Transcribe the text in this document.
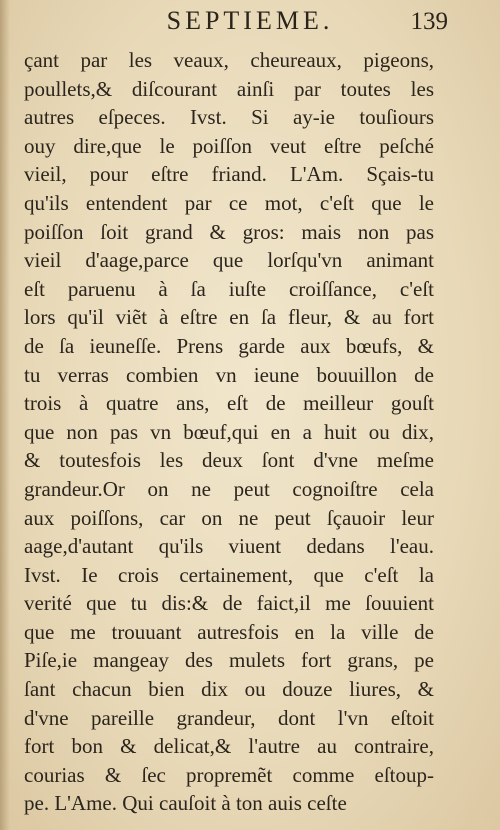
SEPTIEME.	139
çant par les veaux, cheureaux, pigeons,
poullets,& diſcourant ainſi par toutes les
autres eſpeces. Ivst. Si ay-ie touſiours
ouy dire,que le poiſſon veut eſtre peſché
vieil, pour eſtre friand. L'Am. Sçais-tu
qu'ils entendent par ce mot, c'eſt que le
poiſſon ſoit grand & gros: mais non pas
vieil d'aage,parce que lorſqu'vn animant
eſt paruenu à ſa iuſte croiſſance, c'eſt
lors qu'il viẽt à eſtre en ſa fleur, & au fort
de ſa ieuneſſe. Prens garde aux bœufs, &
tu verras combien vn ieune bouuillon de
trois à quatre ans, eſt de meilleur gouſt
que non pas vn bœuf,qui en a huit ou dix,
& toutesfois les deux ſont d'vne meſme
grandeur.Or on ne peut cognoiſtre cela
aux poiſſons, car on ne peut ſçauoir leur
aage,d'autant qu'ils viuent dedans l'eau.
Ivst. Ie crois certainement, que c'eſt la
verité que tu dis:& de faict,il me ſouuient
que me trouuant autresfois en la ville de
Piſe,ie mangeay des mulets fort grans, pe
ſant chacun bien dix ou douze liures, &
d'vne pareille grandeur, dont l'vn eſtoit
fort bon & delicat,& l'autre au contraire,
courias & ſec propremẽt comme eſtoup-
pe. L'Ame. Qui cauſoit à ton auis ceſte
